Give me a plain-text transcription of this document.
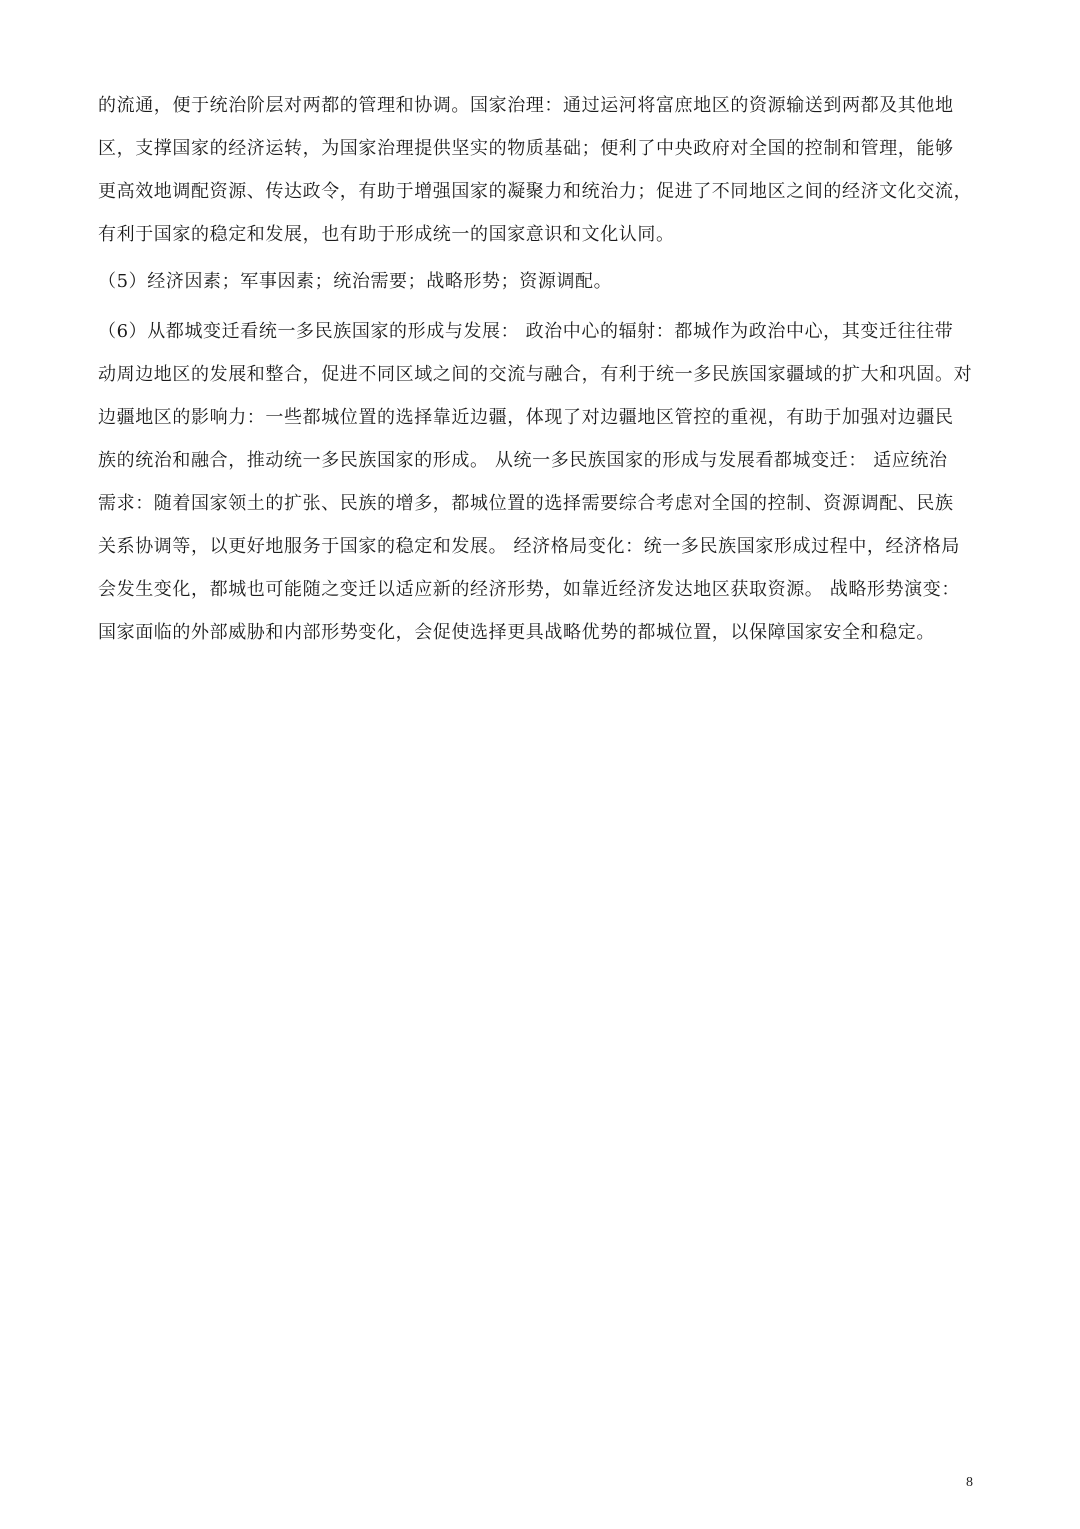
的流通，便于统治阶层对两都的管理和协调。国家治理：通过运河将富庶地区的资源输送到两都及其他地
区，支撑国家的经济运转，为国家治理提供坚实的物质基础；便利了中央政府对全国的控制和管理，能够
更高效地调配资源、传达政令，有助于增强国家的凝聚力和统治力；促进了不同地区之间的经济文化交流，
有利于国家的稳定和发展，也有助于形成统一的国家意识和文化认同。
（5）经济因素；军事因素；统治需要；战略形势；资源调配。
（6）从都城变迁看统一多民族国家的形成与发展： 政治中心的辐射：都城作为政治中心，其变迁往往带
动周边地区的发展和整合，促进不同区域之间的交流与融合，有利于统一多民族国家疆域的扩大和巩固。对
边疆地区的影响力：一些都城位置的选择靠近边疆，体现了对边疆地区管控的重视，有助于加强对边疆民
族的统治和融合，推动统一多民族国家的形成。 从统一多民族国家的形成与发展看都城变迁： 适应统治
需求：随着国家领土的扩张、民族的增多，都城位置的选择需要综合考虑对全国的控制、资源调配、民族
关系协调等，以更好地服务于国家的稳定和发展。 经济格局变化：统一多民族国家形成过程中，经济格局
会发生变化，都城也可能随之变迁以适应新的经济形势，如靠近经济发达地区获取资源。 战略形势演变：
国家面临的外部威胁和内部形势变化，会促使选择更具战略优势的都城位置，以保障国家安全和稳定。
8
